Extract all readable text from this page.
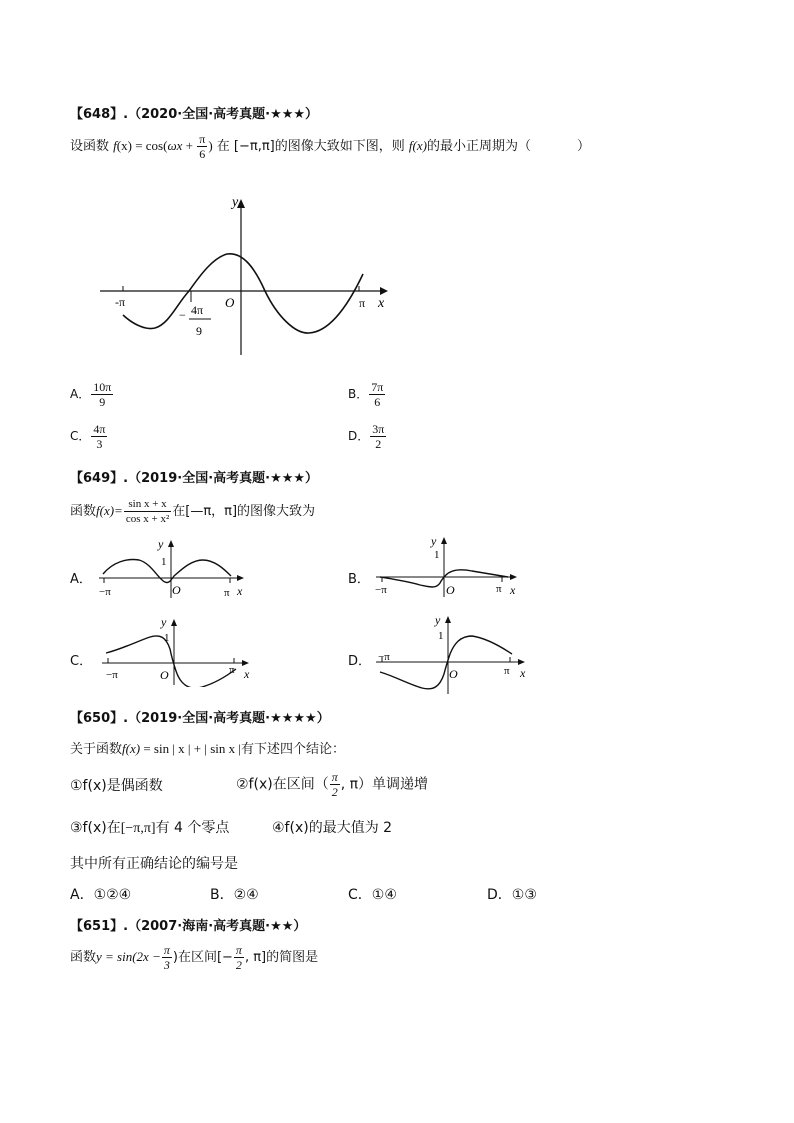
【648】.（2020·全国·高考真题·★★★）
设函数 $f(x) = \cos(\omega x + \frac{\pi}{6}$ ) 在 [−π,π]的图像大致如下图，则 f(x)的最小正周期为（	）
y
x
O
-π	π
− 4π
9
A． $\frac{10\pi}{9}$	B． $\frac{7\pi}{6}$
C． $\frac{4\pi}{3}$	D． $\frac{3\pi}{2}$
【649】.（2019·全国·高考真题·★★★）
函数$f(x)= \frac{\text{sin x + x}}{\text{cos x + x²}}$ 在[—π，π]的图像大致为
A．
y
1
x
O
−π	π
B．
y
1
x
O
−π	π
C．
y
1
x
O
−π	π
D．
y
1
x
O
−π
π
【650】.（2019·全国·高考真题·★★★★）
关于函数f(x) = sin | x | + | sin x |有下述四个结论：
①f(x)是偶函数	②f(x)在区间（ $\frac{\pi}{2}$ , π）单调递增
③f(x)在[−π,π]有 4 个零点	④f(x)的最大值为 2
其中所有正确结论的编号是
A．①②④	B．②④	C．①④	D．①③
【651】.（2007·海南·高考真题·★★）
函数$y = \sin(2x - \frac{\pi}{3}$ )在区间[− $\frac{\pi}{2}$ , π]的简图是
